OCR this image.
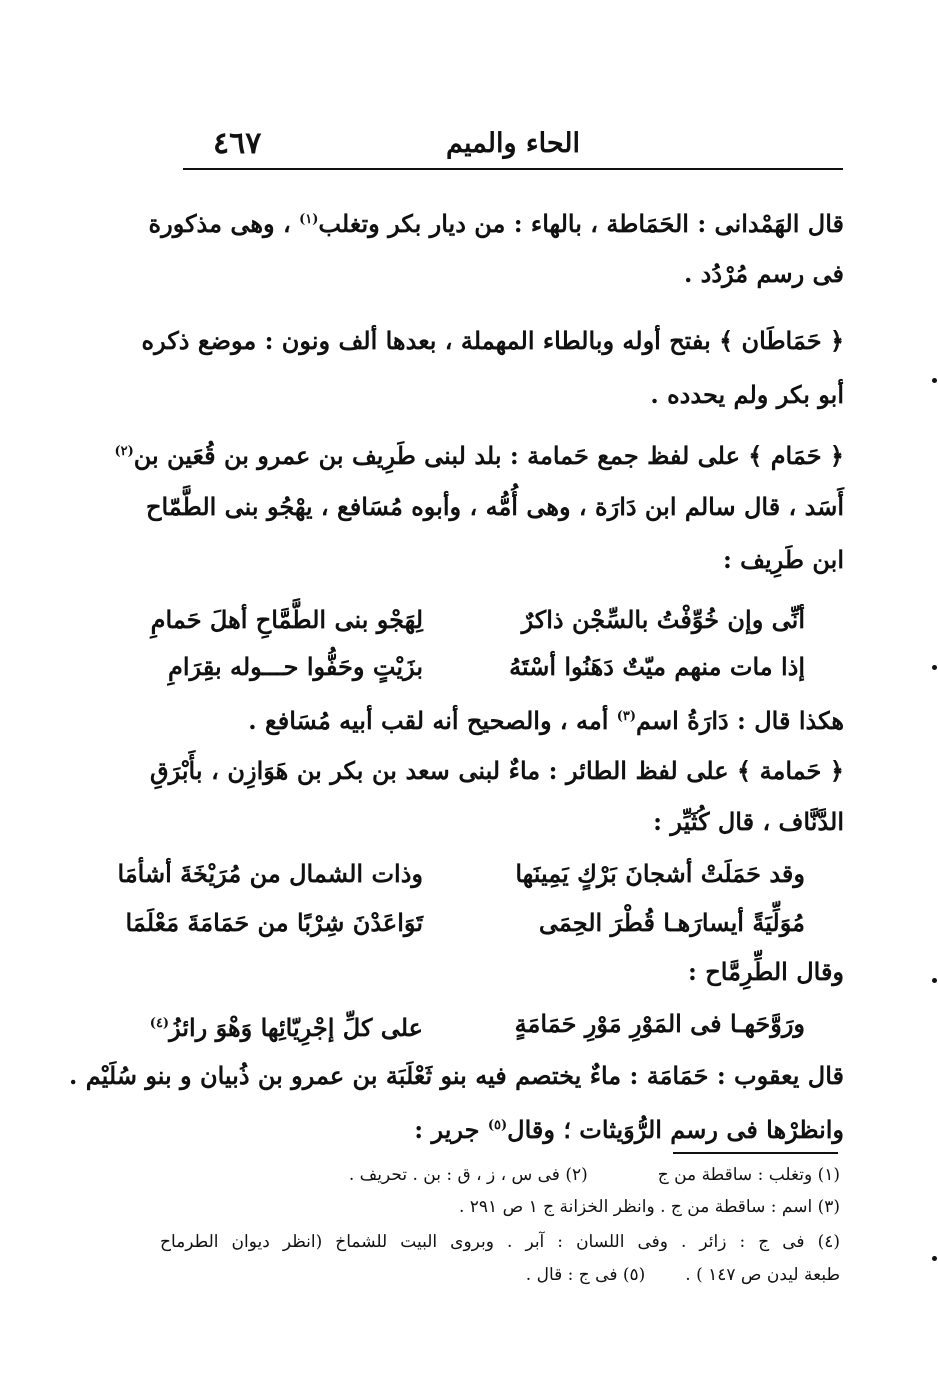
٤٦٧	الحاء والميم
قال الهَمْدانى : الحَمَاطة ، بالهاء : من ديار بكر وتغلب$^{(١)}$ ، وهى مذكورة
فى رسم مُرْدُد .
﴿ حَمَاطَان ﴾ بفتح أوله وبالطاء المهملة ، بعدها ألف ونون : موضع ذكره
أبو بكر ولم يحدده .
﴿ حَمَام ﴾ على لفظ جمع حَمامة : بلد لبنى طَرِيف بن عمرو بن قُعَين بن$^{(٢)}$
أَسَد ، قال سالم ابن دَارَة ، وهى أُمُّه ، وأبوه مُسَافع ، يهْجُو بنى الطَّمّاح
ابن طَرِيف :
أنِّى وإن خُوِّفْتُ بالسِّجْن ذاكرٌ
لِهَجْو بنى الطَّمَّاحِ أهلَ حَمامِ
إذا مات منهم ميّتٌ دَهَنُوا أسْتَهُ
بزَيْتٍ وحَفُّوا حـــوله بقِرَامِ
هكذا قال : دَارَةُ اسم$^{(٣)}$ أمه ، والصحيح أنه لقب أبيه مُسَافع .
﴿ حَمامة ﴾ على لفظ الطائر : ماءٌ لبنى سعد بن بكر بن هَوَازِن ، بأَبْرَقِ
الدَّنَّاف ، قال كُثَيِّر :
وقد حَمَلَتْ أشجانَ بَرْكٍ يَمِينَها
وذات الشمال من مُرَيْخَةَ أشأمَا
مُوَلِّيَةً أيسارَهـا قُطْرَ الحِمَى
تَوَاعَدْنَ شِرْبًا من حَمَامَةَ مَعْلَمَا
وقال الطِّرِمَّاح :
ورَوَّحَهـا فى المَوْرِ مَوْرِ حَمَامَةٍ
على كلِّ إجْرِيّائِها وَهْوَ رائزُ$^{(٤)}$
قال يعقوب : حَمَامَة : ماءٌ يختصم فيه بنو ثَعْلَبَة بن عمرو بن ذُبيان و بنو سُلَيْم .
وانظرْها فى رسم الرُّوَيثات ؛ وقال$^{(٥)}$ جرير :
(١) وتغلب : ساقطة من ج(٢) فى س ، ز ، ق : بن . تحريف .
(٣) اسم : ساقطة من ج . وانظر الخزانة ج ١ ص ٢٩١ .
(٤) فى ج : زائر . وفى اللسان : آبر . وبروى البيت للشماخ (انظر ديوان الطرماح
طبعة ليدن ص ١٤٧ ) .(٥) فى ج : قال .
